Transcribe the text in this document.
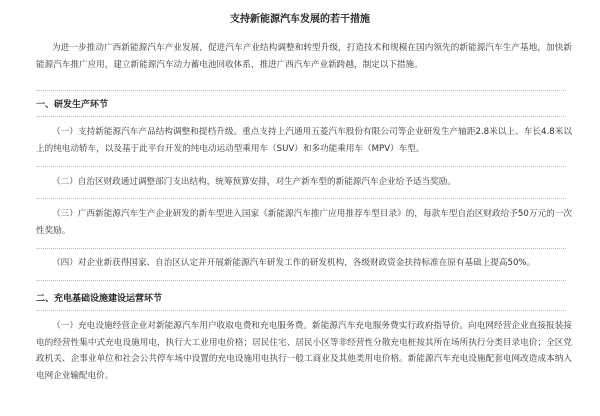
支持新能源汽车发展的若干措施
为进一步推动广西新能源汽车产业发展，促进汽车产业结构调整和转型升级，打造技术和规模在国内领先的新能源汽车生产基地，加快新能源汽车推广应用，建立新能源汽车动力蓄电池回收体系，推进广西汽车产业新跨越，制定以下措施。
一、研发生产环节
（一）支持新能源汽车产品结构调整和提档升级。重点支持上汽通用五菱汽车股份有限公司等企业研发生产轴距2.8米以上、车长4.8米以上的纯电动轿车，以及基于此平台开发的纯电动运动型乘用车（SUV）和多功能乘用车（MPV）车型。
（二）自治区财政通过调整部门支出结构，统筹预算安排，对生产新车型的新能源汽车企业给予适当奖励。
（三）广西新能源汽车生产企业研发的新车型进入国家《新能源汽车推广应用推荐车型目录》的，每款车型自治区财政给予50万元的一次性奖励。
（四）对企业新获得国家、自治区认定并开展新能源汽车研发工作的研发机构，各级财政资金扶持标准在原有基础上提高50%。
二、充电基础设施建设运营环节
（一）充电设施经营企业对新能源汽车用户收取电费和充电服务费。新能源汽车充电服务费实行政府指导价。向电网经营企业直接报装接电的经营性集中式充电设施用电，执行大工业用电价格；居民住宅、居民小区等非经营性分散充电桩按其所在场所执行分类目录电价；全区党政机关、企事业单位和社会公共停车场中设置的充电设施用电执行一般工商业及其他类用电价格。新能源汽车充电设施配套电网改造成本纳入电网企业输配电价。
